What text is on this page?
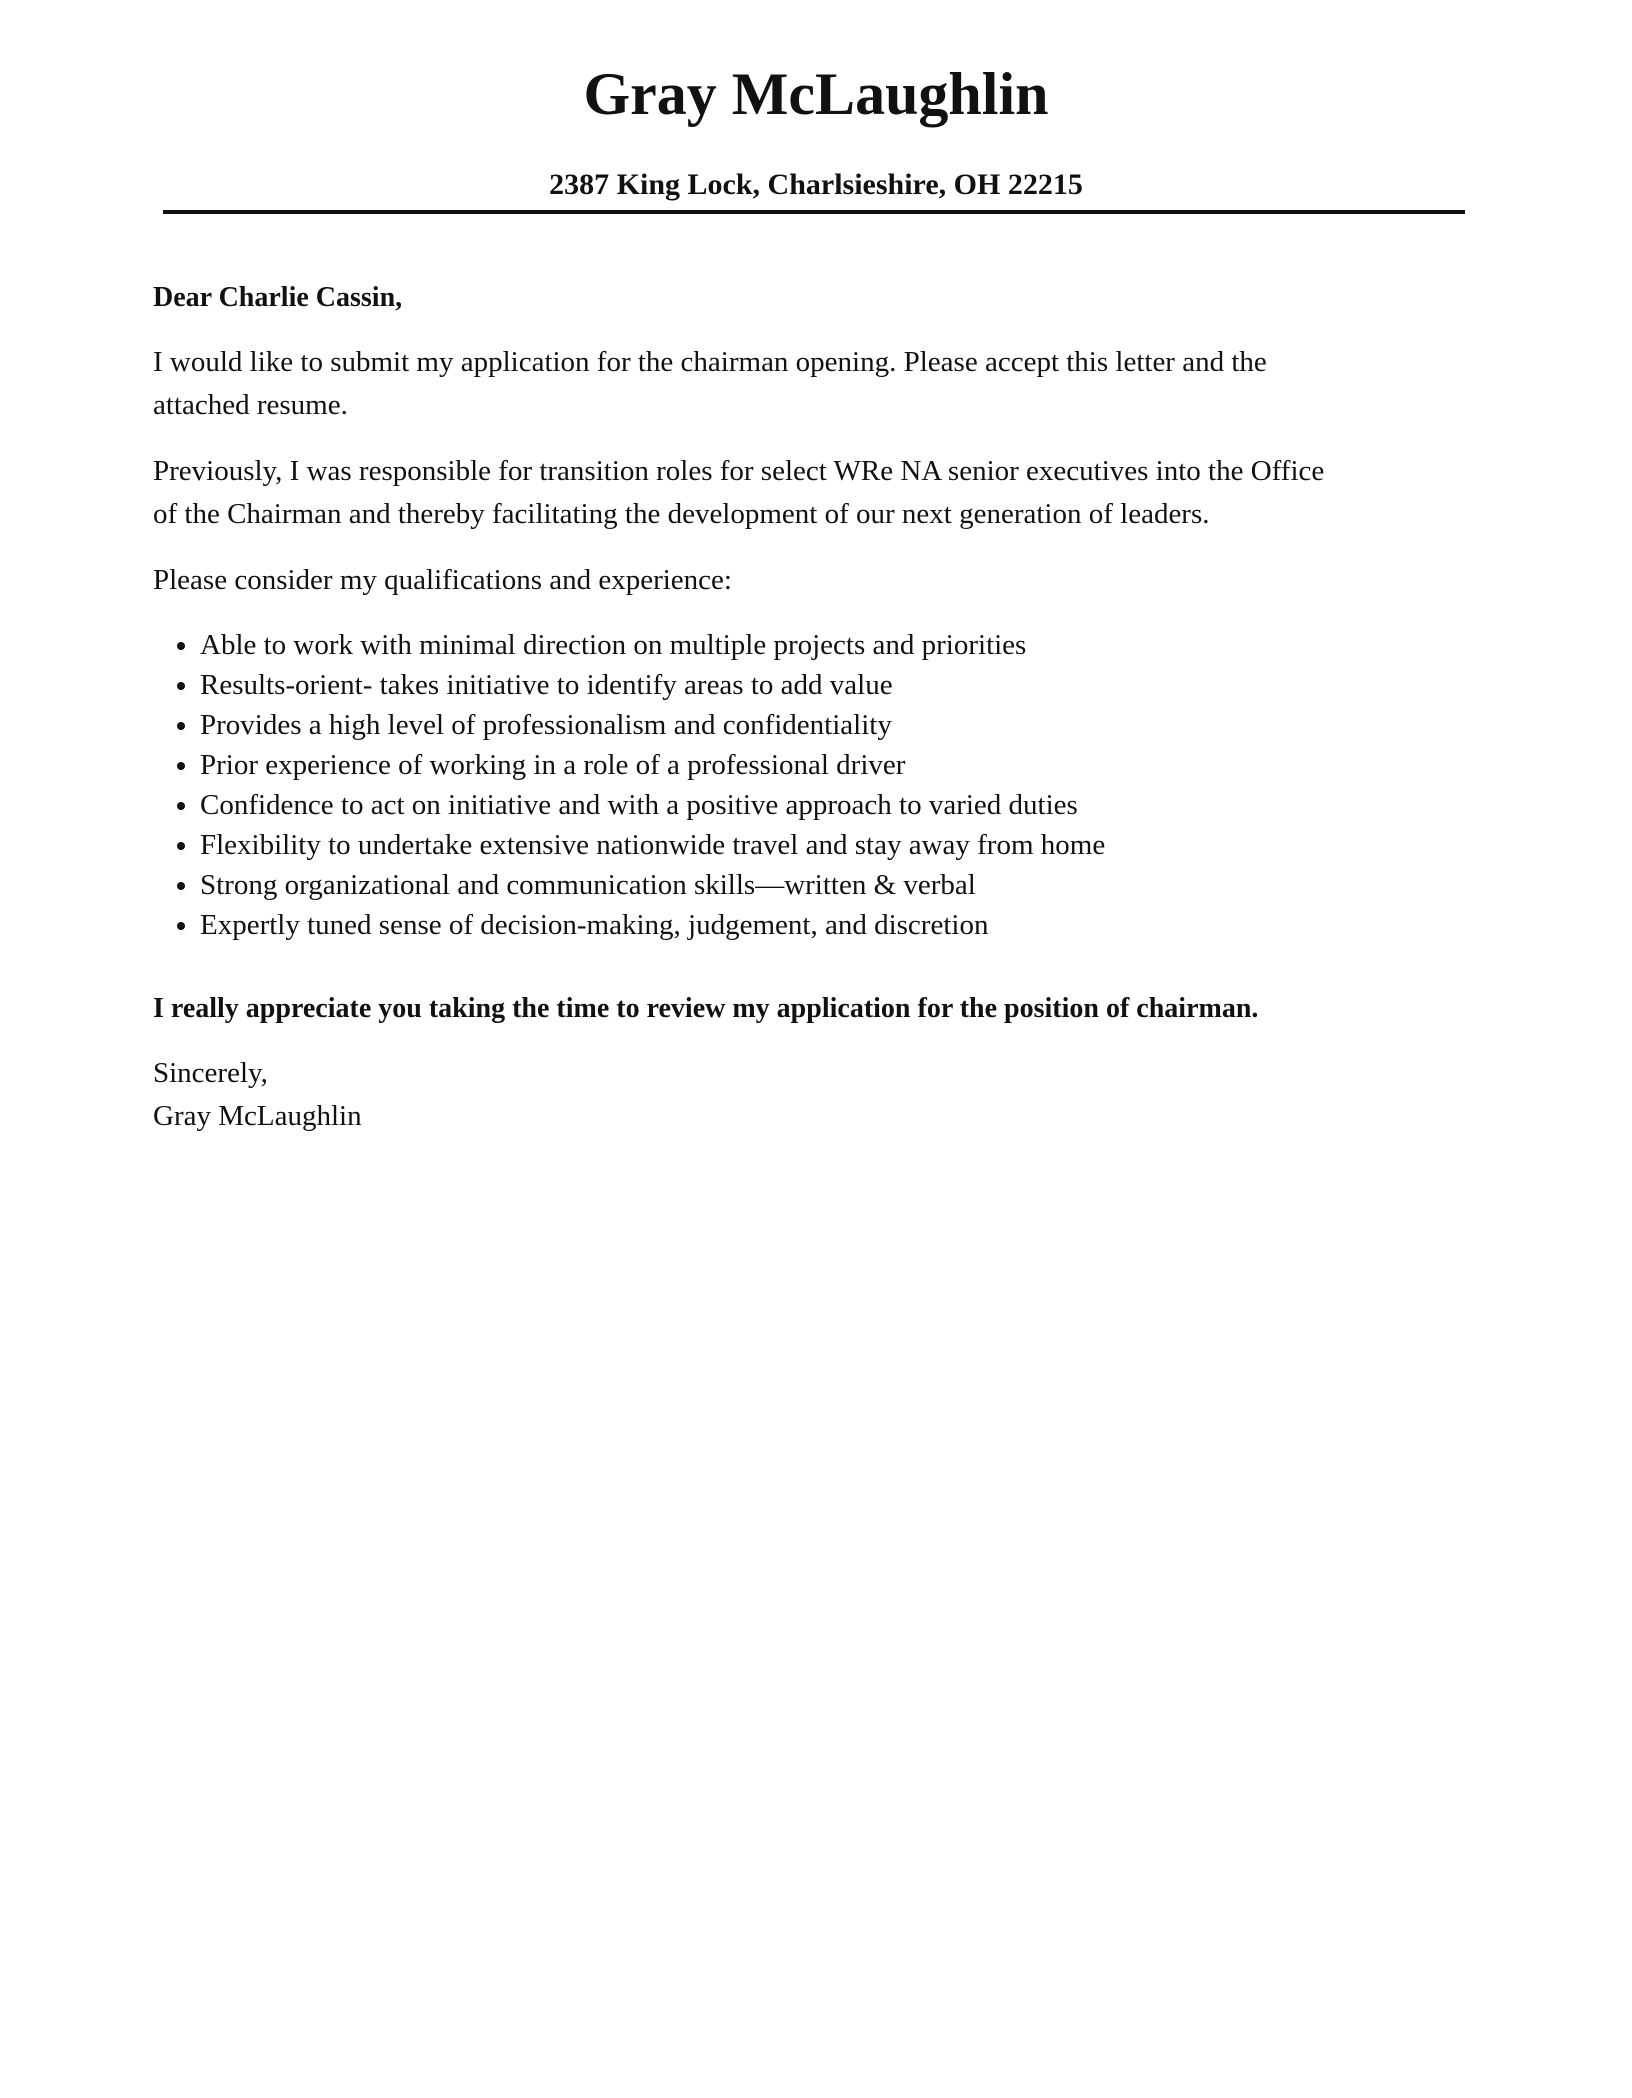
Gray McLaughlin
2387 King Lock, Charlsieshire, OH 22215

Dear Charlie Cassin,

I would like to submit my application for the chairman opening. Please accept this letter and the
attached resume.

Previously, I was responsible for transition roles for select WRe NA senior executives into the Office
of the Chairman and thereby facilitating the development of our next generation of leaders.

Please consider my qualifications and experience:

Able to work with minimal direction on multiple projects and priorities
Results-orient- takes initiative to identify areas to add value
Provides a high level of professionalism and confidentiality
Prior experience of working in a role of a professional driver
Confidence to act on initiative and with a positive approach to varied duties
Flexibility to undertake extensive nationwide travel and stay away from home
Strong organizational and communication skills—written & verbal
Expertly tuned sense of decision-making, judgement, and discretion

I really appreciate you taking the time to review my application for the position of chairman.

Sincerely,
Gray McLaughlin
